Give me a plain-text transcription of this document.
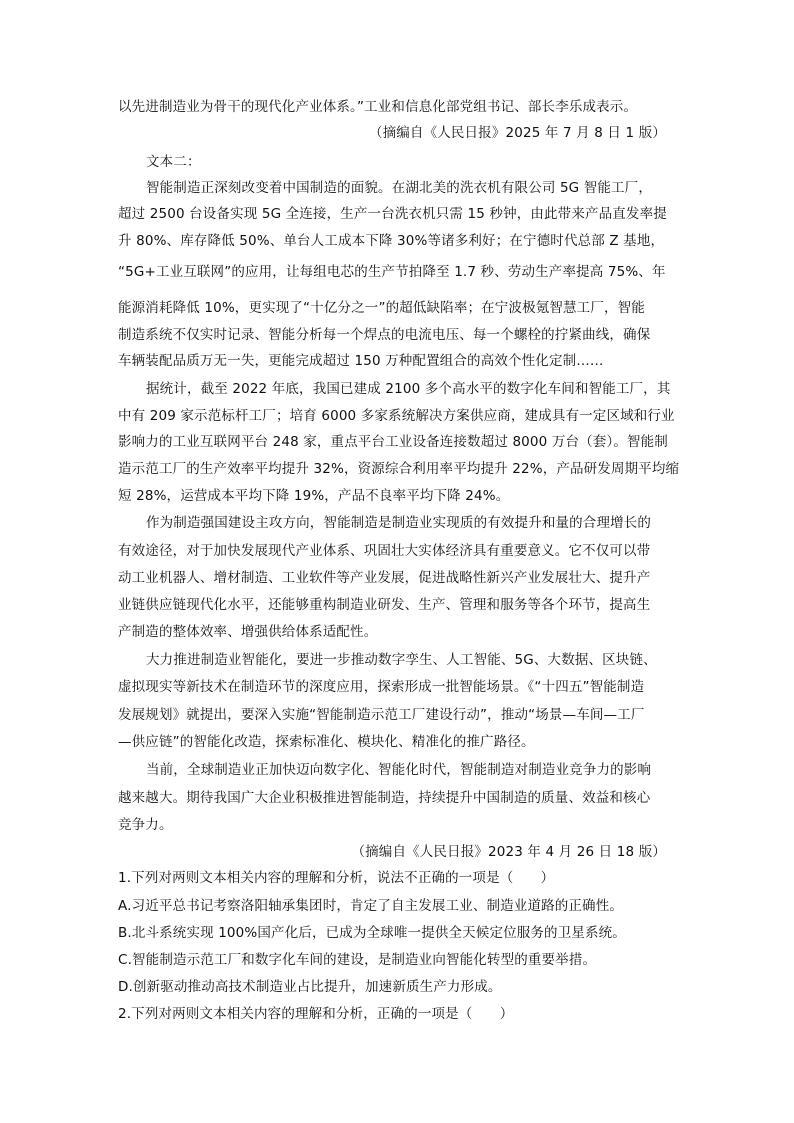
以先进制造业为骨干的现代化产业体系。”工业和信息化部党组书记、部长李乐成表示。
（摘编自《人民日报》2025 年 7 月 8 日 1 版）
文本二：
智能制造正深刻改变着中国制造的面貌。在湖北美的洗衣机有限公司 5G 智能工厂，
超过 2500 台设备实现 5G 全连接，生产一台洗衣机只需 15 秒钟，由此带来产品直发率提
升 80%、库存降低 50%、单台人工成本下降 30%等诸多利好；在宁德时代总部 Z 基地，
“5G+工业互联网”的应用，让每组电芯的生产节拍降至 1.7 秒、劳动生产率提高 75%、年
能源消耗降低 10%，更实现了“十亿分之一”的超低缺陷率；在宁波极氪智慧工厂，智能
制造系统不仅实时记录、智能分析每一个焊点的电流电压、每一个螺栓的拧紧曲线，确保
车辆装配品质万无一失，更能完成超过 150 万种配置组合的高效个性化定制……
据统计，截至 2022 年底，我国已建成 2100 多个高水平的数字化车间和智能工厂，其
中有 209 家示范标杆工厂；培育 6000 多家系统解决方案供应商，建成具有一定区域和行业
影响力的工业互联网平台 248 家，重点平台工业设备连接数超过 8000 万台（套）。智能制
造示范工厂的生产效率平均提升 32%，资源综合利用率平均提升 22%，产品研发周期平均缩
短 28%，运营成本平均下降 19%，产品不良率平均下降 24%。
作为制造强国建设主攻方向，智能制造是制造业实现质的有效提升和量的合理增长的
有效途径，对于加快发展现代产业体系、巩固壮大实体经济具有重要意义。它不仅可以带
动工业机器人、增材制造、工业软件等产业发展，促进战略性新兴产业发展壮大、提升产
业链供应链现代化水平，还能够重构制造业研发、生产、管理和服务等各个环节，提高生
产制造的整体效率、增强供给体系适配性。
大力推进制造业智能化，要进一步推动数字孪生、人工智能、5G、大数据、区块链、
虚拟现实等新技术在制造环节的深度应用，探索形成一批智能场景。《“十四五”智能制造
发展规划》就提出，要深入实施“智能制造示范工厂建设行动”，推动“场景—车间—工厂
—供应链”的智能化改造，探索标准化、模块化、精准化的推广路径。
当前，全球制造业正加快迈向数字化、智能化时代，智能制造对制造业竞争力的影响
越来越大。期待我国广大企业积极推进智能制造，持续提升中国制造的质量、效益和核心
竞争力。
（摘编自《人民日报》2023 年 4 月 26 日 18 版）
1.下列对两则文本相关内容的理解和分析，说法不正确的一项是（　　）
A.习近平总书记考察洛阳轴承集团时，肯定了自主发展工业、制造业道路的正确性。
B.北斗系统实现 100%国产化后，已成为全球唯一提供全天候定位服务的卫星系统。
C.智能制造示范工厂和数字化车间的建设，是制造业向智能化转型的重要举措。
D.创新驱动推动高技术制造业占比提升，加速新质生产力形成。
2.下列对两则文本相关内容的理解和分析，正确的一项是（　　）
